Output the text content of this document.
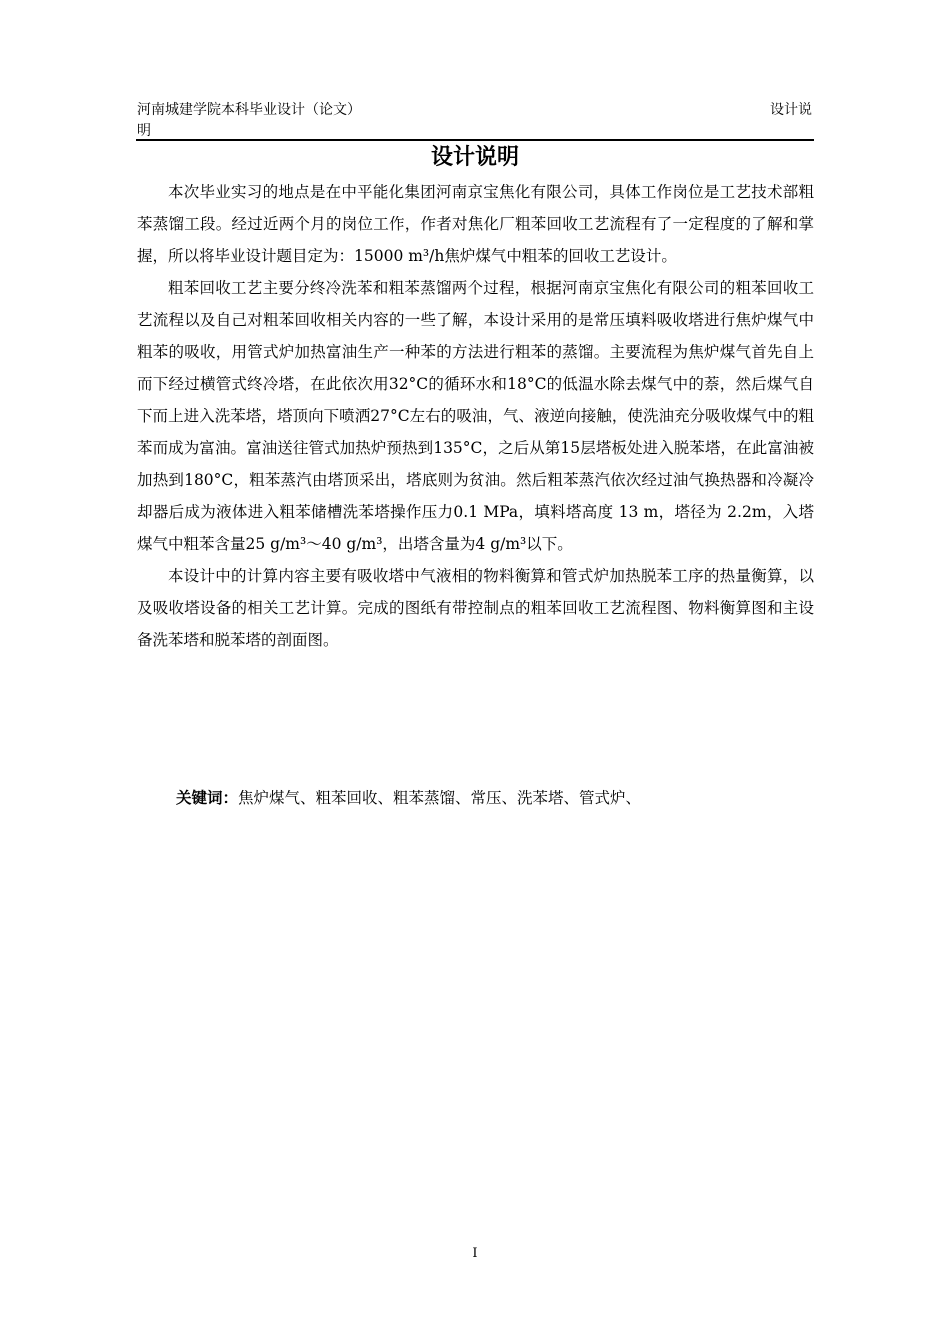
河南城建学院本科毕业设计（论文）
明
设计说
设计说明

本次毕业实习的地点是在中平能化集团河南京宝焦化有限公司，具体工作岗位是工艺技术部粗苯蒸馏工段。经过近两个月的岗位工作，作者对焦化厂粗苯回收工艺流程有了一定程度的了解和掌握，所以将毕业设计题目定为：15000 m³/h焦炉煤气中粗苯的回收工艺设计。

粗苯回收工艺主要分终冷洗苯和粗苯蒸馏两个过程，根据河南京宝焦化有限公司的粗苯回收工艺流程以及自己对粗苯回收相关内容的一些了解，本设计采用的是常压填料吸收塔进行焦炉煤气中粗苯的吸收，用管式炉加热富油生产一种苯的方法进行粗苯的蒸馏。主要流程为焦炉煤气首先自上而下经过横管式终冷塔，在此依次用32°C的循环水和18°C的低温水除去煤气中的萘，然后煤气自下而上进入洗苯塔，塔顶向下喷洒27°C左右的吸油，气、液逆向接触，使洗油充分吸收煤气中的粗苯而成为富油。富油送往管式加热炉预热到135°C，之后从第15层塔板处进入脱苯塔，在此富油被加热到180°C，粗苯蒸汽由塔顶采出，塔底则为贫油。然后粗苯蒸汽依次经过油气换热器和冷凝冷却器后成为液体进入粗苯储槽洗苯塔操作压力0.1 MPa，填料塔高度 13 m，塔径为 2.2m，入塔煤气中粗苯含量25 g/m³～40 g/m³，出塔含量为4 g/m³以下。

本设计中的计算内容主要有吸收塔中气液相的物料衡算和管式炉加热脱苯工序的热量衡算，以及吸收塔设备的相关工艺计算。完成的图纸有带控制点的粗苯回收工艺流程图、物料衡算图和主设备洗苯塔和脱苯塔的剖面图。

关键词：焦炉煤气、粗苯回收、粗苯蒸馏、常压、洗苯塔、管式炉、
I
